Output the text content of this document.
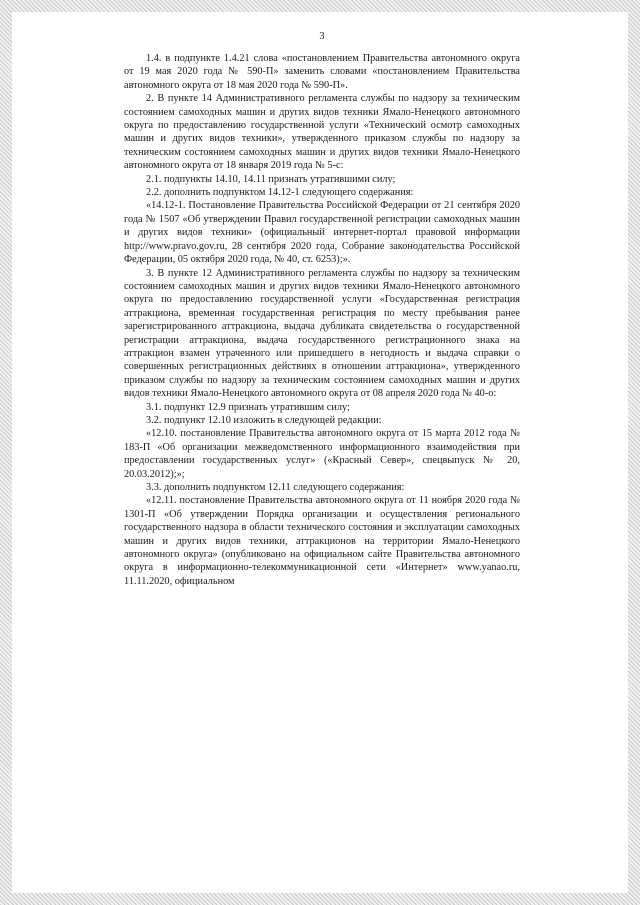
3

1.4. в подпункте 1.4.21 слова «постановлением Правительства автономного округа от 19 мая 2020 года № 590-П» заменить словами «постановлением Правительства автономного округа от 18 мая 2020 года № 590-П».

2. В пункте 14 Административного регламента службы по надзору за техническим состоянием самоходных машин и других видов техники Ямало-Ненецкого автономного округа по предоставлению государственной услуги «Технический осмотр самоходных машин и других видов техники», утвержденного приказом службы по надзору за техническим состоянием самоходных машин и других видов техники Ямало-Ненецкого автономного округа от 18 января 2019 года № 5-с:

2.1. подпункты 14.10, 14.11 признать утратившими силу;

2.2. дополнить подпунктом 14.12-1 следующего содержания:

«14.12-1. Постановление Правительства Российской Федерации от 21 сентября 2020 года № 1507 «Об утверждении Правил государственной регистрации самоходных машин и других видов техники» (официальный интернет-портал правовой информации http://www.pravo.gov.ru, 28 сентября 2020 года, Собрание законодательства Российской Федерации, 05 октября 2020 года, № 40, ст. 6253);».

3. В пункте 12 Административного регламента службы по надзору за техническим состоянием самоходных машин и других видов техники Ямало-Ненецкого автономного округа по предоставлению государственной услуги «Государственная регистрация аттракциона, временная государственная регистрация по месту пребывания ранее зарегистрированного аттракциона, выдача дубликата свидетельства о государственной регистрации аттракциона, выдача государственного регистрационного знака на аттракцион взамен утраченного или пришедшего в негодность и выдача справки о совершенных регистрационных действиях в отношении аттракциона», утвержденного приказом службы по надзору за техническим состоянием самоходных машин и других видов техники Ямало-Ненецкого автономного округа от 08 апреля 2020 года № 40-о:

3.1. подпункт 12.9 признать утратившим силу;

3.2. подпункт 12.10 изложить в следующей редакции:

«12.10. постановление Правительства автономного округа от 15 марта 2012 года № 183-П «Об организации межведомственного информационного взаимодействия при предоставлении государственных услуг» («Красный Север», спецвыпуск № 20, 20.03.2012);»;

3.3. дополнить подпунктом 12.11 следующего содержания:

«12.11. постановление Правительства автономного округа от 11 ноября 2020 года № 1301-П «Об утверждении Порядка организации и осуществления регионального государственного надзора в области технического состояния и эксплуатации самоходных машин и других видов техники, аттракционов на территории Ямало-Ненецкого автономного округа» (опубликовано на официальном сайте Правительства автономного округа в информационно-телекоммуникационной сети «Интернет» www.yanao.ru, 11.11.2020, официальном
